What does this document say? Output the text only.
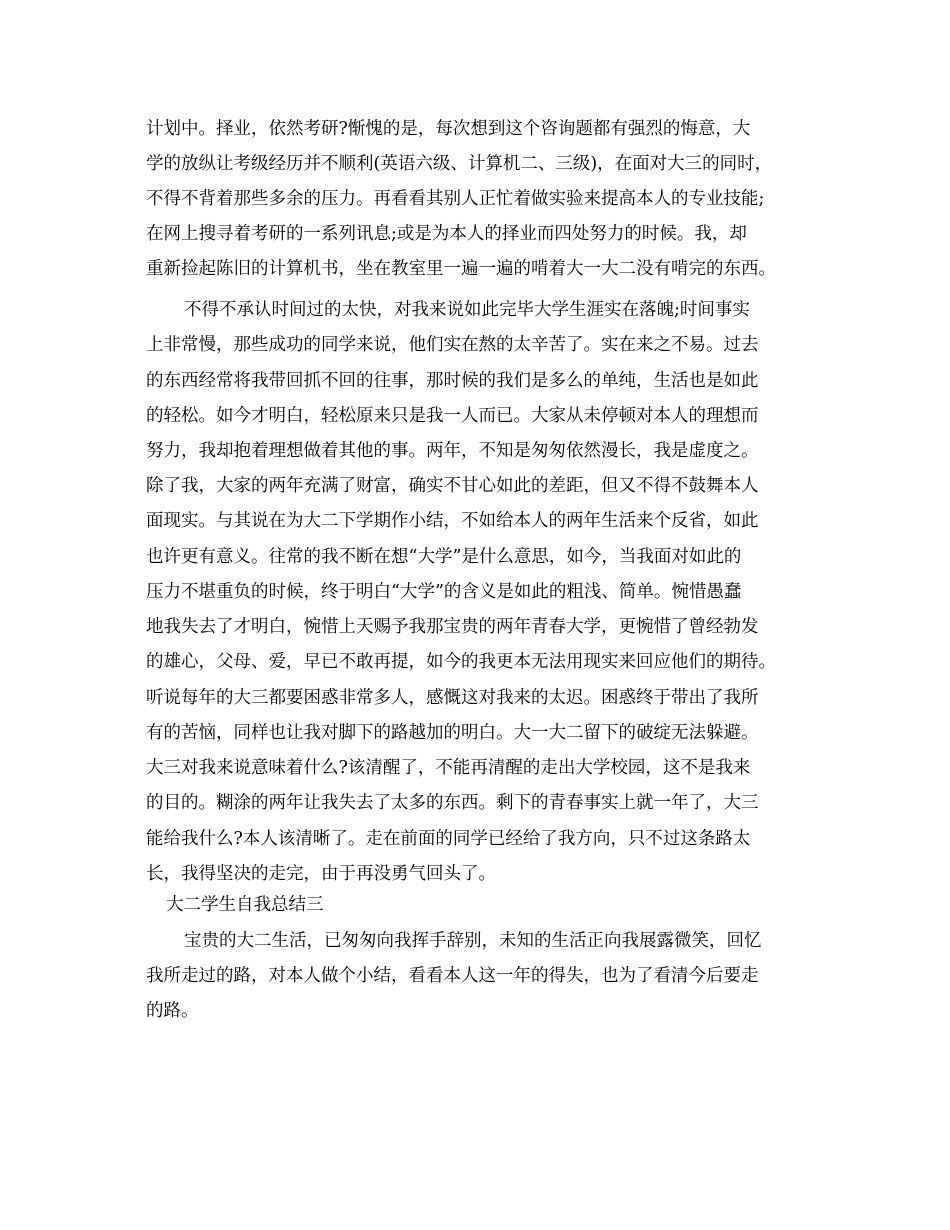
计划中。择业，依然考研?惭愧的是，每次想到这个咨询题都有强烈的悔意，大

学的放纵让考级经历并不顺利(英语六级、计算机二、三级)，在面对大三的同时，

不得不背着那些多余的压力。再看看其别人正忙着做实验来提高本人的专业技能;

在网上搜寻着考研的一系列讯息;或是为本人的择业而四处努力的时候。我，却

重新捡起陈旧的计算机书，坐在教室里一遍一遍的啃着大一大二没有啃完的东西。

不得不承认时间过的太快，对我来说如此完毕大学生涯实在落魄;时间事实

上非常慢，那些成功的同学来说，他们实在熬的太辛苦了。实在来之不易。过去

的东西经常将我带回抓不回的往事，那时候的我们是多么的单纯，生活也是如此

的轻松。如今才明白，轻松原来只是我一人而已。大家从未停顿对本人的理想而

努力，我却抱着理想做着其他的事。两年，不知是匆匆依然漫长，我是虚度之。

除了我，大家的两年充满了财富，确实不甘心如此的差距，但又不得不鼓舞本人

面现实。与其说在为大二下学期作小结，不如给本人的两年生活来个反省，如此

也许更有意义。往常的我不断在想“大学”是什么意思，如今，当我面对如此的

压力不堪重负的时候，终于明白“大学”的含义是如此的粗浅、简单。惋惜愚蠢

地我失去了才明白，惋惜上天赐予我那宝贵的两年青春大学，更惋惜了曾经勃发

的雄心，父母、爱，早已不敢再提，如今的我更本无法用现实来回应他们的期待。

听说每年的大三都要困惑非常多人，感慨这对我来的太迟。困惑终于带出了我所

有的苦恼，同样也让我对脚下的路越加的明白。大一大二留下的破绽无法躲避。

大三对我来说意味着什么?该清醒了，不能再清醒的走出大学校园，这不是我来

的目的。糊涂的两年让我失去了太多的东西。剩下的青春事实上就一年了，大三

能给我什么?本人该清晰了。走在前面的同学已经给了我方向，只不过这条路太

长，我得坚决的走完，由于再没勇气回头了。

大二学生自我总结三

宝贵的大二生活，已匆匆向我挥手辞别，未知的生活正向我展露微笑，回忆

我所走过的路，对本人做个小结，看看本人这一年的得失，也为了看清今后要走

的路。
